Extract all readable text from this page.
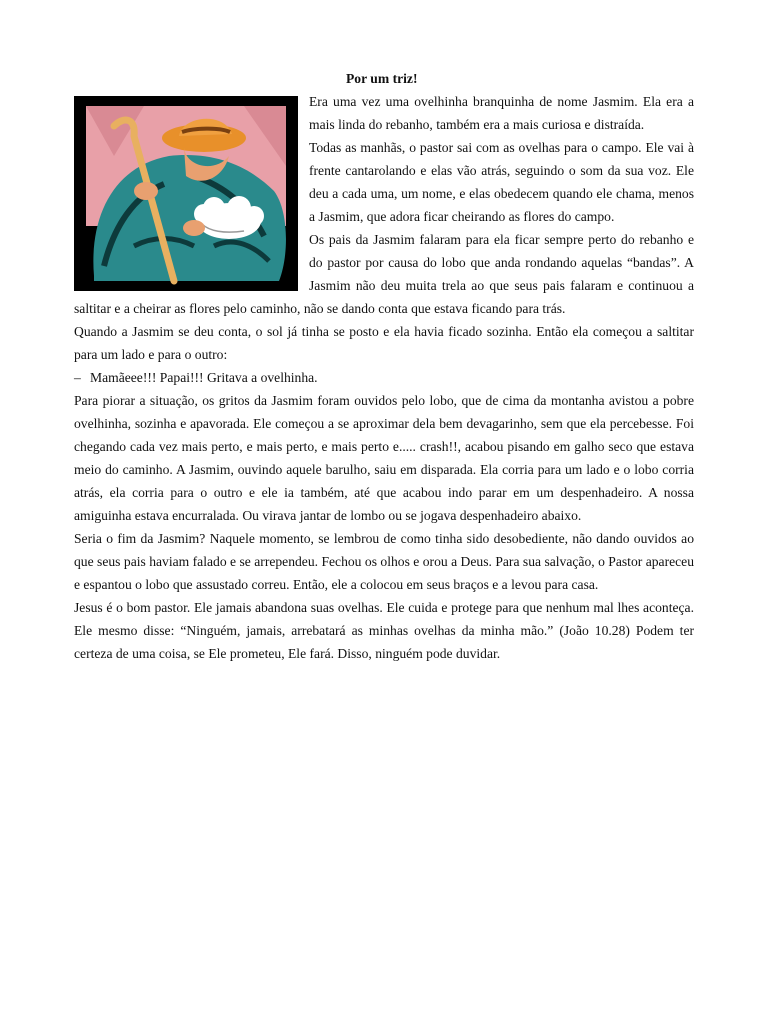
Por um triz!

Era uma vez uma ovelhinha branquinha de nome Jasmim. Ela era a mais linda do rebanho, também era a mais curiosa e distraída.

Todas as manhãs, o pastor sai com as ovelhas para o campo. Ele vai à frente cantarolando e elas vão atrás, seguindo o som da sua voz. Ele deu a cada uma, um nome, e elas obedecem quando ele chama, menos a Jasmim, que adora ficar cheirando as flores do campo.

Os pais da Jasmim falaram para ela ficar sempre perto do rebanho e do pastor por causa do lobo que anda rondando aquelas “bandas”. A Jasmim não deu muita trela ao que seus pais falaram e continuou a saltitar e a cheirar as flores pelo caminho, não se dando conta que estava ficando para trás.

Quando a Jasmim se deu conta, o sol já tinha se posto e ela havia ficado sozinha. Então ela começou a saltitar para um lado e para o outro:

– Mamãeee!!! Papai!!! Gritava a ovelhinha.

Para piorar a situação, os gritos da Jasmim foram ouvidos pelo lobo, que de cima da montanha avistou a pobre ovelhinha, sozinha e apavorada. Ele começou a se aproximar dela bem devagarinho, sem que ela percebesse. Foi chegando cada vez mais perto, e mais perto, e mais perto e..... crash!!, acabou pisando em galho seco que estava meio do caminho. A Jasmim, ouvindo aquele barulho, saiu em disparada. Ela corria para um lado e o lobo corria atrás, ela corria para o outro e ele ia também, até que acabou indo parar em um despenhadeiro. A nossa amiguinha estava encurralada. Ou virava jantar de lombo ou se jogava despenhadeiro abaixo.

Seria o fim da Jasmim? Naquele momento, se lembrou de como tinha sido desobediente, não dando ouvidos ao que seus pais haviam falado e se arrependeu. Fechou os olhos e orou a Deus. Para sua salvação, o Pastor apareceu e espantou o lobo que assustado correu. Então, ele a colocou em seus braços e a levou para casa.

Jesus é o bom pastor. Ele jamais abandona suas ovelhas. Ele cuida e protege para que nenhum mal lhes aconteça. Ele mesmo disse: “Ninguém, jamais, arrebatará as minhas ovelhas da minha mão.” (João 10.28) Podem ter certeza de uma coisa, se Ele prometeu, Ele fará. Disso, ninguém pode duvidar.
